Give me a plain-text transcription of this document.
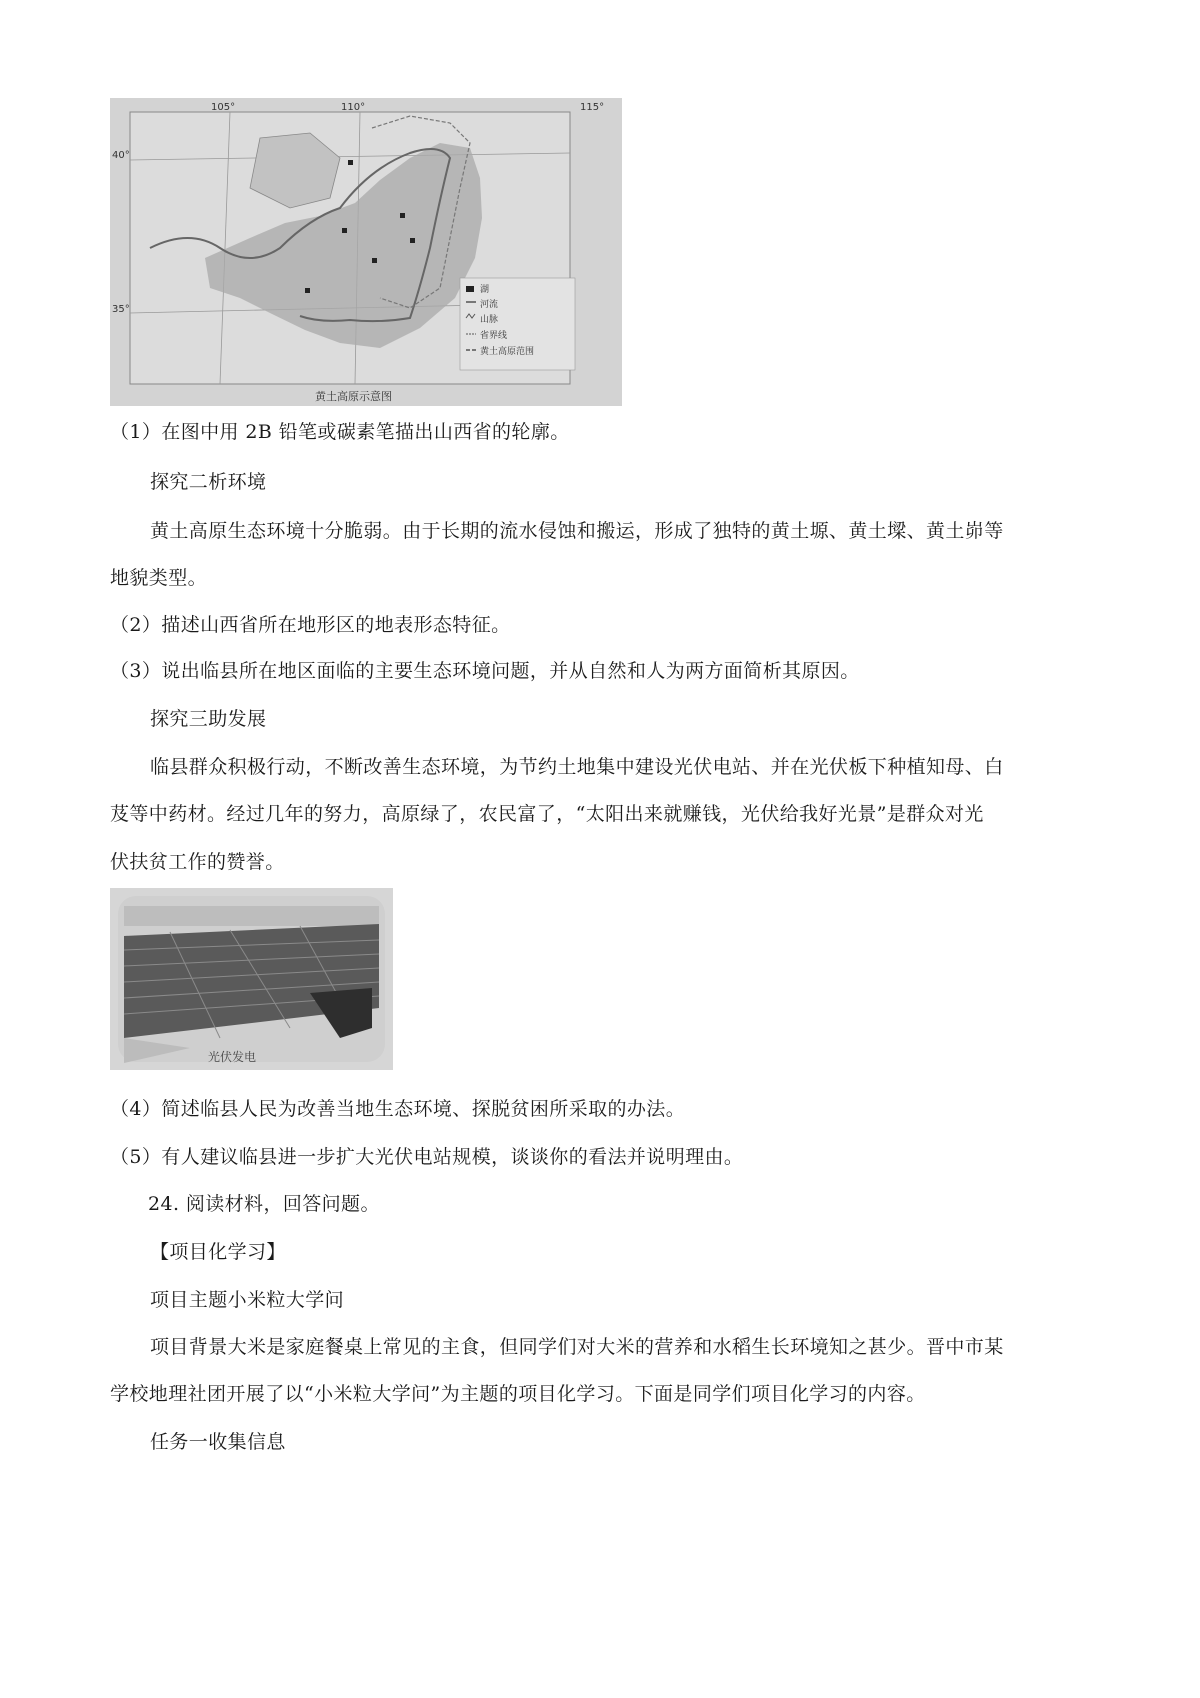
105°	110°	115°
40°
35°
湖
河流
山脉
省界线
黄土高原范围
黄土高原示意图
（1）在图中用 2B 铅笔或碳素笔描出山西省的轮廓。
探究二析环境
黄土高原生态环境十分脆弱。由于长期的流水侵蚀和搬运，形成了独特的黄土塬、黄土墚、黄土峁等
地貌类型。
（2）描述山西省所在地形区的地表形态特征。
（3）说出临县所在地区面临的主要生态环境问题，并从自然和人为两方面简析其原因。
探究三助发展
临县群众积极行动，不断改善生态环境，为节约土地集中建设光伏电站、并在光伏板下种植知母、白
芨等中药材。经过几年的努力，高原绿了，农民富了，“太阳出来就赚钱，光伏给我好光景”是群众对光
伏扶贫工作的赞誉。
光伏发电
（4）简述临县人民为改善当地生态环境、探脱贫困所采取的办法。
（5）有人建议临县进一步扩大光伏电站规模，谈谈你的看法并说明理由。
24. 阅读材料，回答问题。
【项目化学习】
项目主题小米粒大学问
项目背景大米是家庭餐桌上常见的主食，但同学们对大米的营养和水稻生长环境知之甚少。晋中市某
学校地理社团开展了以“小米粒大学问”为主题的项目化学习。下面是同学们项目化学习的内容。
任务一收集信息
